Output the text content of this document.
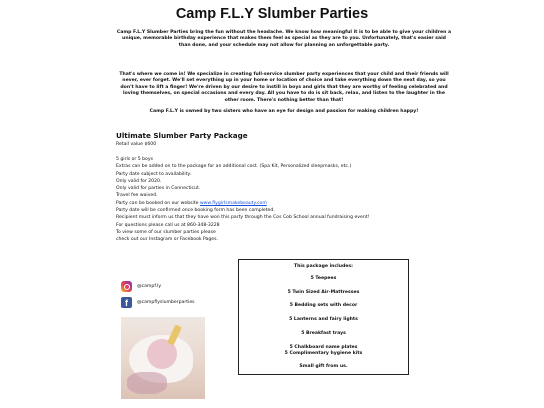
Camp F.L.Y Slumber Parties

Camp F.L.Y Slumber Parties bring the fun without the headache. We know how meaningful it is to be able to give your children a unique, memorable birthday experience that makes them feel as special as they are to you. Unfortunately, that's easier said than done, and your schedule may not allow for planning an unforgettable party.

That's where we come in! We specialize in creating full-service slumber party experiences that your child and their friends will never, ever forget. We'll set everything up in your home or location of choice and take everything down the next day, so you don't have to lift a finger! We're driven by our desire to instill in boys and girls that they are worthy of feeling celebrated and loving themselves, on special occasions and every day. All you have to do is sit back, relax, and listen to the laughter in the other room. There's nothing better than that!

Camp F.L.Y is owned by two sisters who have an eye for design and passion for making children happy!

Ultimate Slumber Party Package
Retail value $600
5 girls or 5 boys
Extras can be added on to the package for an additional cost. (Spa Kit, Personalized sleepmasks, etc.)
Party date subject to availability.
Only valid for 2020.
Only valid for parties in Connecticut.
Travel fee waived.
Party can be booked on our website www.flygirlsmakebeauty.com
Party date will be confirmed once booking form has been completed.
Recipient must inform us that they have won this party through the Cos Cob School annual fundraising event!
For questions please call us at 860-348-3228
To view some of our slumber parties please
check out our Instagram or Facebook Pages.
This package includes:
5 Teepees
5 Twin Sized Air-Mattresses
5 Bedding sets with decor
5 Lanterns and fairy lights
5 Breakfast trays
5 Chalkboard name plates
5 Complimentary hygiene kits
Small gift from us.
@campf.ly
f	@campflyslumberparties
